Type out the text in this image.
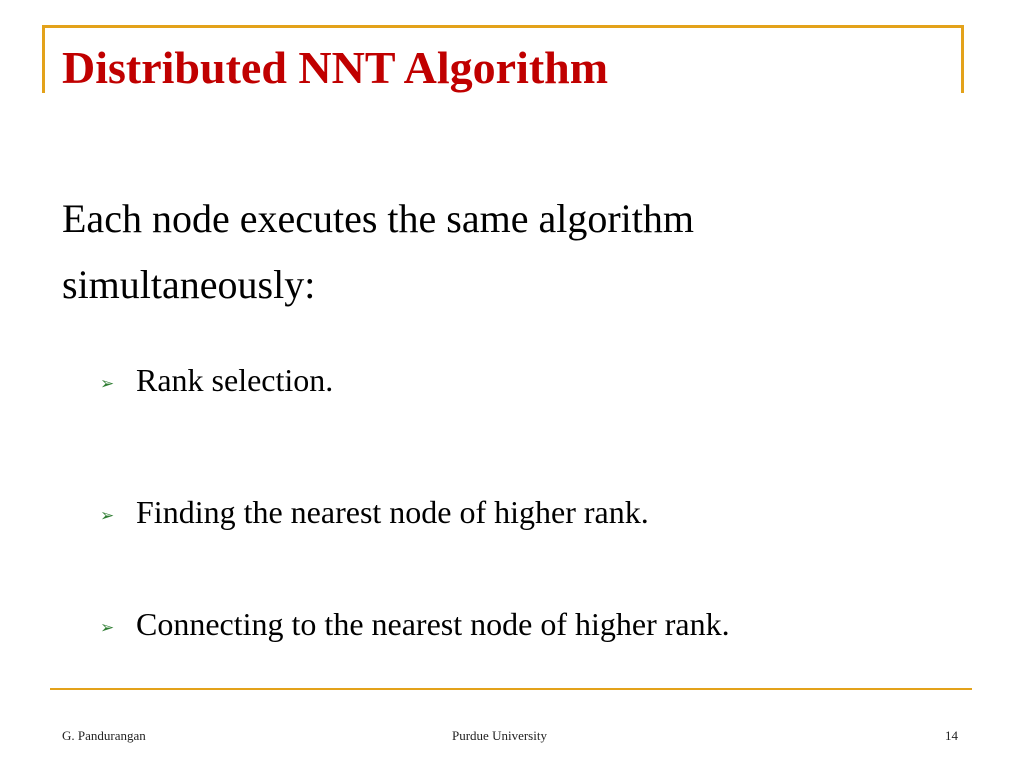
Distributed NNT Algorithm

Each node executes the same algorithm simultaneously:

➢ Rank selection.
➢ Finding the nearest node of higher rank.
➢ Connecting to the nearest node of higher rank.
G. Pandurangan	Purdue University	14
